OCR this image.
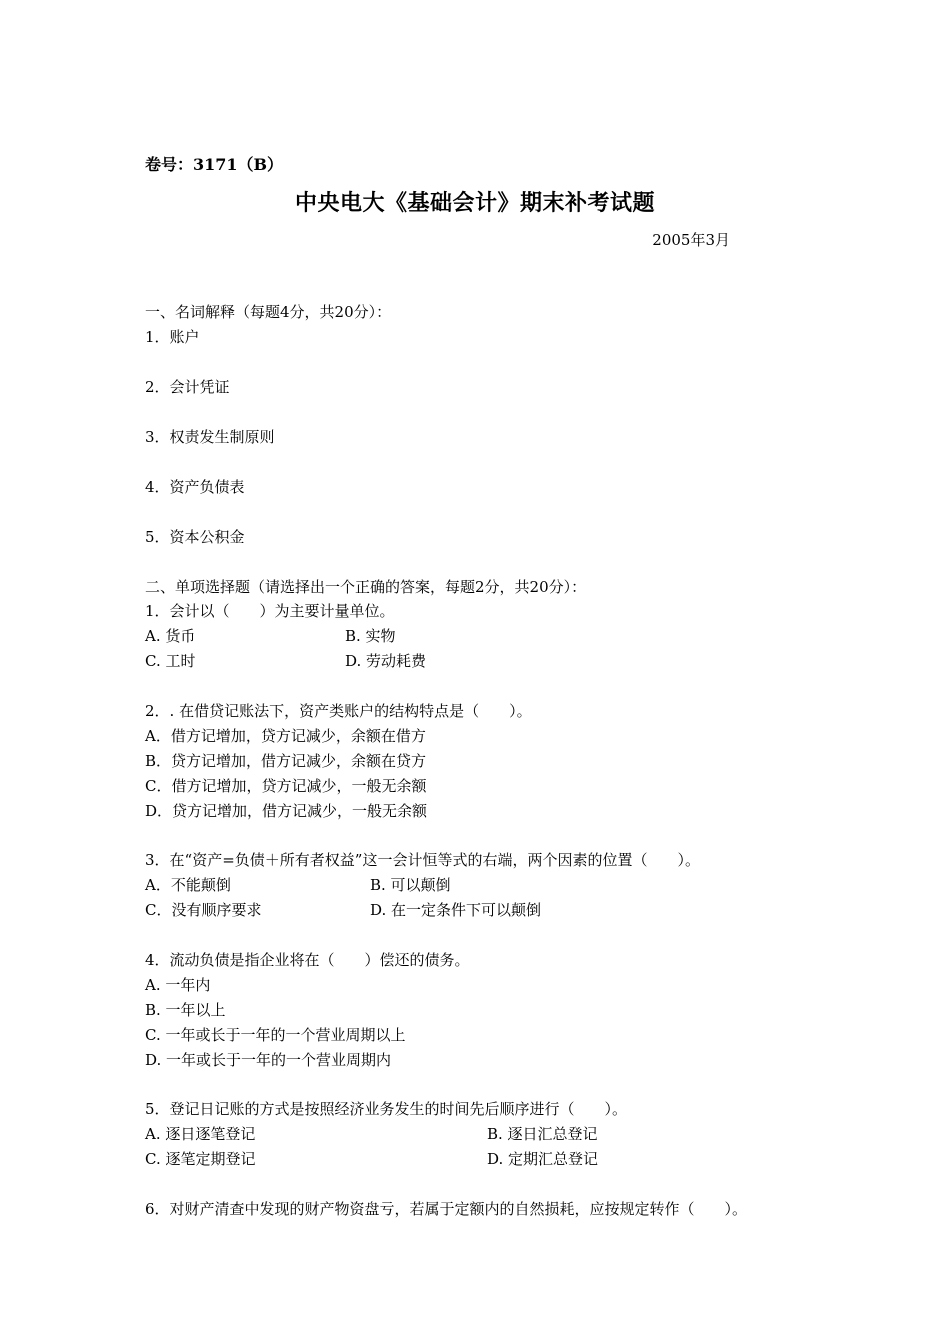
卷号：3171（B）
中央电大《基础会计》期末补考试题
2005年3月
一、名词解释（每题4分，共20分）：
1．账户
2．会计凭证
3．权责发生制原则
4．资产负债表
5．资本公积金
二、单项选择题（请选择出一个正确的答案，每题2分，共20分）：
1．会计以（　　）为主要计量单位。
A. 货币	B. 实物
C. 工时	D. 劳动耗费
2．. 在借贷记账法下，资产类账户的结构特点是（　　）。
A．借方记增加，贷方记减少，余额在借方
B．贷方记增加，借方记减少，余额在贷方
C．借方记增加，贷方记减少，一般无余额
D．贷方记增加，借方记减少，一般无余额
3．在“资产=负债＋所有者权益”这一会计恒等式的右端，两个因素的位置（　　）。
A．不能颠倒	B. 可以颠倒
C．没有顺序要求	D. 在一定条件下可以颠倒
4．流动负债是指企业将在（　　）偿还的债务。
A. 一年内
B. 一年以上
C. 一年或长于一年的一个营业周期以上
D. 一年或长于一年的一个营业周期内
5．登记日记账的方式是按照经济业务发生的时间先后顺序进行（　　）。
A. 逐日逐笔登记	B. 逐日汇总登记
C. 逐笔定期登记	D. 定期汇总登记
6．对财产清查中发现的财产物资盘亏，若属于定额内的自然损耗，应按规定转作（　　）。
